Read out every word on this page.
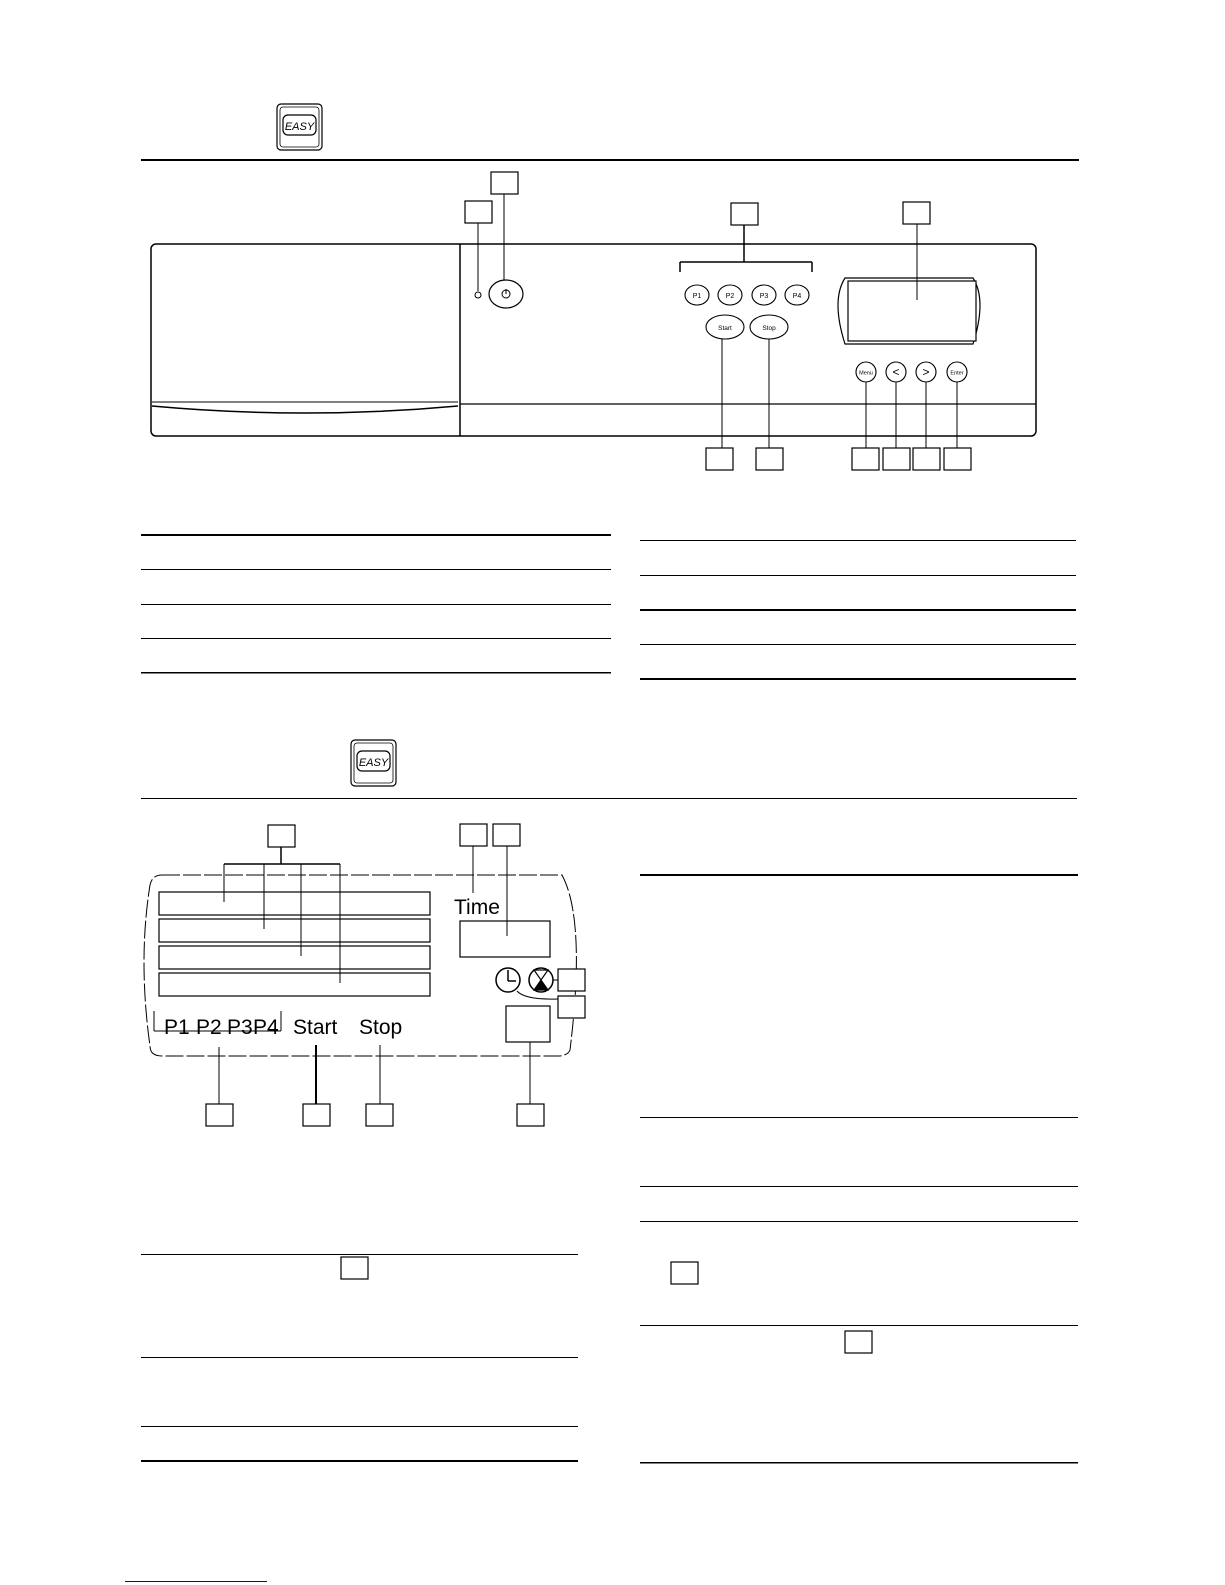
EASY
P1	P2	P3	P4
Start	Stop
Menu < >	Enter
EASY
Time
P1 P2 P3 P4 Start Stop
